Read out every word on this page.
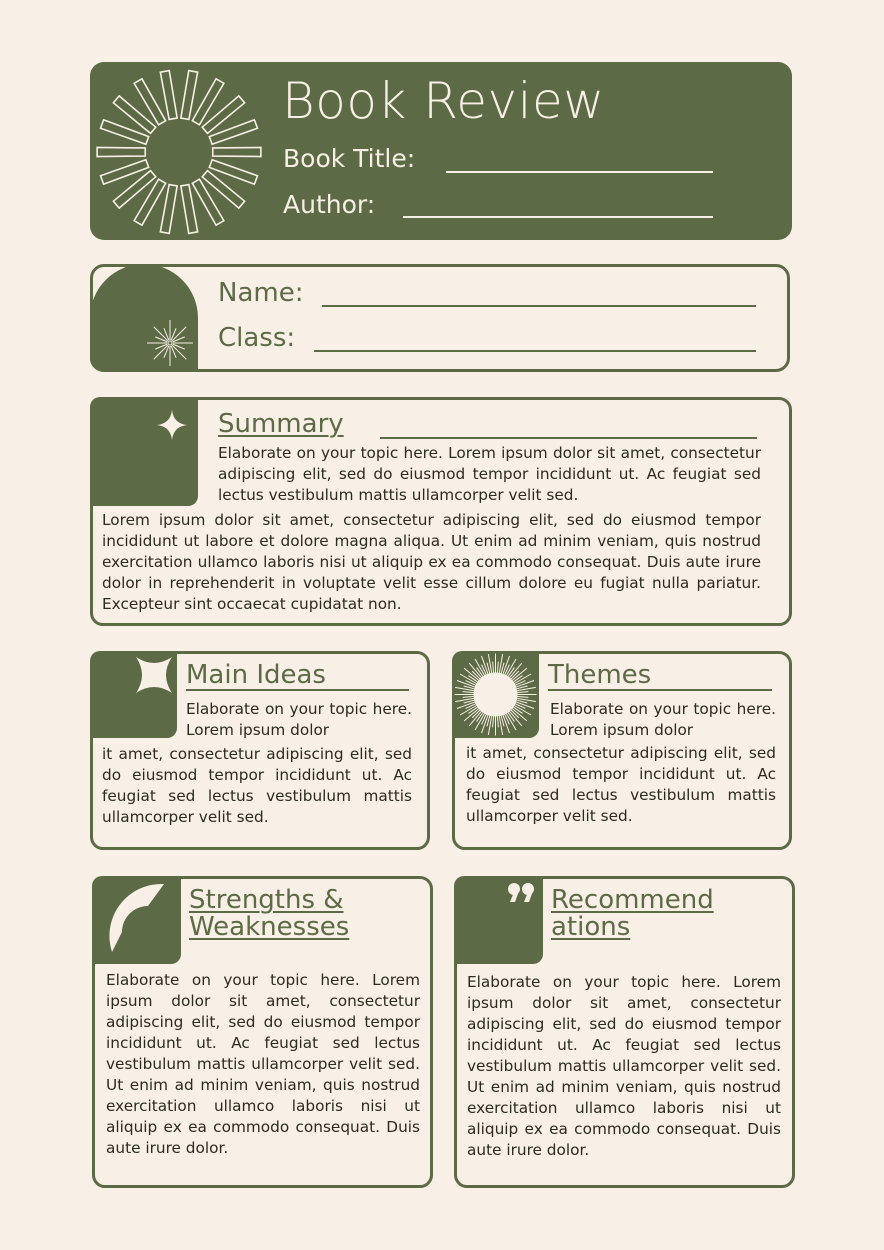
Book Review
Book Title:
Author:
Name:
Class:
Summary
Elaborate on your topic here. Lorem ipsum dolor sit amet, consectetur adipiscing elit, sed do eiusmod tempor incididunt ut. Ac feugiat sed lectus vestibulum mattis ullamcorper velit sed.
Lorem ipsum dolor sit amet, consectetur adipiscing elit, sed do eiusmod tempor incididunt ut labore et dolore magna aliqua. Ut enim ad minim veniam, quis nostrud exercitation ullamco laboris nisi ut aliquip ex ea commodo consequat. Duis aute irure dolor in reprehenderit in voluptate velit esse cillum dolore eu fugiat nulla pariatur. Excepteur sint occaecat cupidatat non.
Main Ideas
Elaborate on your topic here. Lorem ipsum dolor
it amet, consectetur adipiscing elit, sed do eiusmod tempor incididunt ut. Ac feugiat sed lectus vestibulum mattis ullamcorper velit sed.
Themes
Elaborate on your topic here. Lorem ipsum dolor
it amet, consectetur adipiscing elit, sed do eiusmod tempor incididunt ut. Ac feugiat sed lectus vestibulum mattis ullamcorper velit sed.
Strengths &
Weaknesses
Elaborate on your topic here. Lorem ipsum dolor sit amet, consectetur adipiscing elit, sed do eiusmod tempor incididunt ut. Ac feugiat sed lectus vestibulum mattis ullamcorper velit sed. Ut enim ad minim veniam, quis nostrud exercitation ullamco laboris nisi ut aliquip ex ea commodo consequat. Duis aute irure dolor.
Recommend
ations
Elaborate on your topic here. Lorem ipsum dolor sit amet, consectetur adipiscing elit, sed do eiusmod tempor incididunt ut. Ac feugiat sed lectus vestibulum mattis ullamcorper velit sed. Ut enim ad minim veniam, quis nostrud exercitation ullamco laboris nisi ut aliquip ex ea commodo consequat. Duis aute irure dolor.
